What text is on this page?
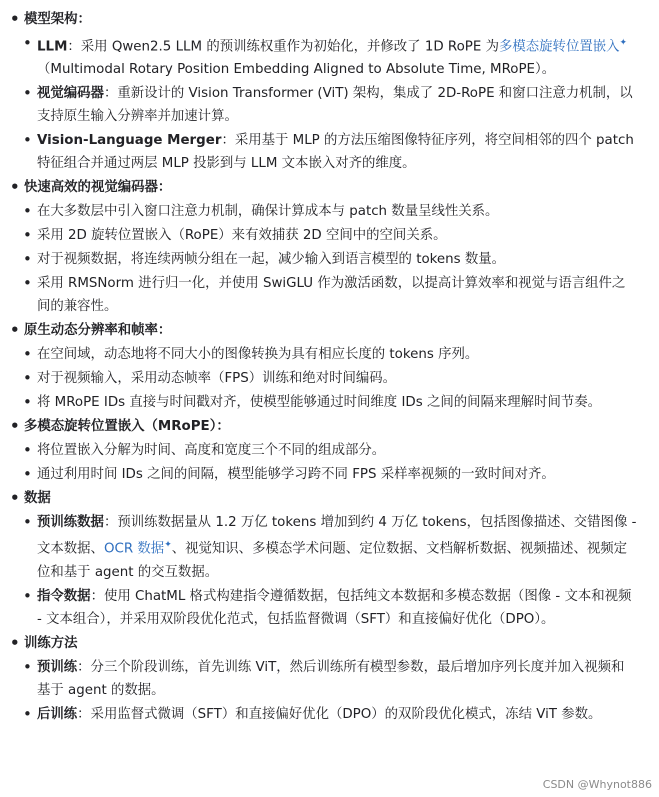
• 模型架构：
• LLM：采用 Qwen2.5 LLM 的预训练权重作为初始化，并修改了 1D RoPE 为多模态旋转位置嵌入✦（Multimodal Rotary Position Embedding Aligned to Absolute Time, MRoPE）。
• 视觉编码器：重新设计的 Vision Transformer (ViT) 架构，集成了 2D-RoPE 和窗口注意力机制，以支持原生输入分辨率并加速计算。
• Vision-Language Merger：采用基于 MLP 的方法压缩图像特征序列，将空间相邻的四个 patch 特征组合并通过两层 MLP 投影到与 LLM 文本嵌入对齐的维度。
• 快速高效的视觉编码器：
• 在大多数层中引入窗口注意力机制，确保计算成本与 patch 数量呈线性关系。
• 采用 2D 旋转位置嵌入（RoPE）来有效捕获 2D 空间中的空间关系。
• 对于视频数据，将连续两帧分组在一起，减少输入到语言模型的 tokens 数量。
• 采用 RMSNorm 进行归一化，并使用 SwiGLU 作为激活函数，以提高计算效率和视觉与语言组件之间的兼容性。
• 原生动态分辨率和帧率：
• 在空间域，动态地将不同大小的图像转换为具有相应长度的 tokens 序列。
• 对于视频输入，采用动态帧率（FPS）训练和绝对时间编码。
• 将 MRoPE IDs 直接与时间戳对齐，使模型能够通过时间维度 IDs 之间的间隔来理解时间节奏。
• 多模态旋转位置嵌入（MRoPE）：
• 将位置嵌入分解为时间、高度和宽度三个不同的组成部分。
• 通过利用时间 IDs 之间的间隔，模型能够学习跨不同 FPS 采样率视频的一致时间对齐。
• 数据
• 预训练数据：预训练数据量从 1.2 万亿 tokens 增加到约 4 万亿 tokens，包括图像描述、交错图像 - 文本数据、OCR 数据✦、视觉知识、多模态学术问题、定位数据、文档解析数据、视频描述、视频定位和基于 agent 的交互数据。
• 指令数据：使用 ChatML 格式构建指令遵循数据，包括纯文本数据和多模态数据（图像 - 文本和视频 - 文本组合），并采用双阶段优化范式，包括监督微调（SFT）和直接偏好优化（DPO）。
• 训练方法
• 预训练：分三个阶段训练，首先训练 ViT，然后训练所有模型参数，最后增加序列长度并加入视频和基于 agent 的数据。
• 后训练：采用监督式微调（SFT）和直接偏好优化（DPO）的双阶段优化模式，冻结 ViT 参数。
CSDN @Whynot886
